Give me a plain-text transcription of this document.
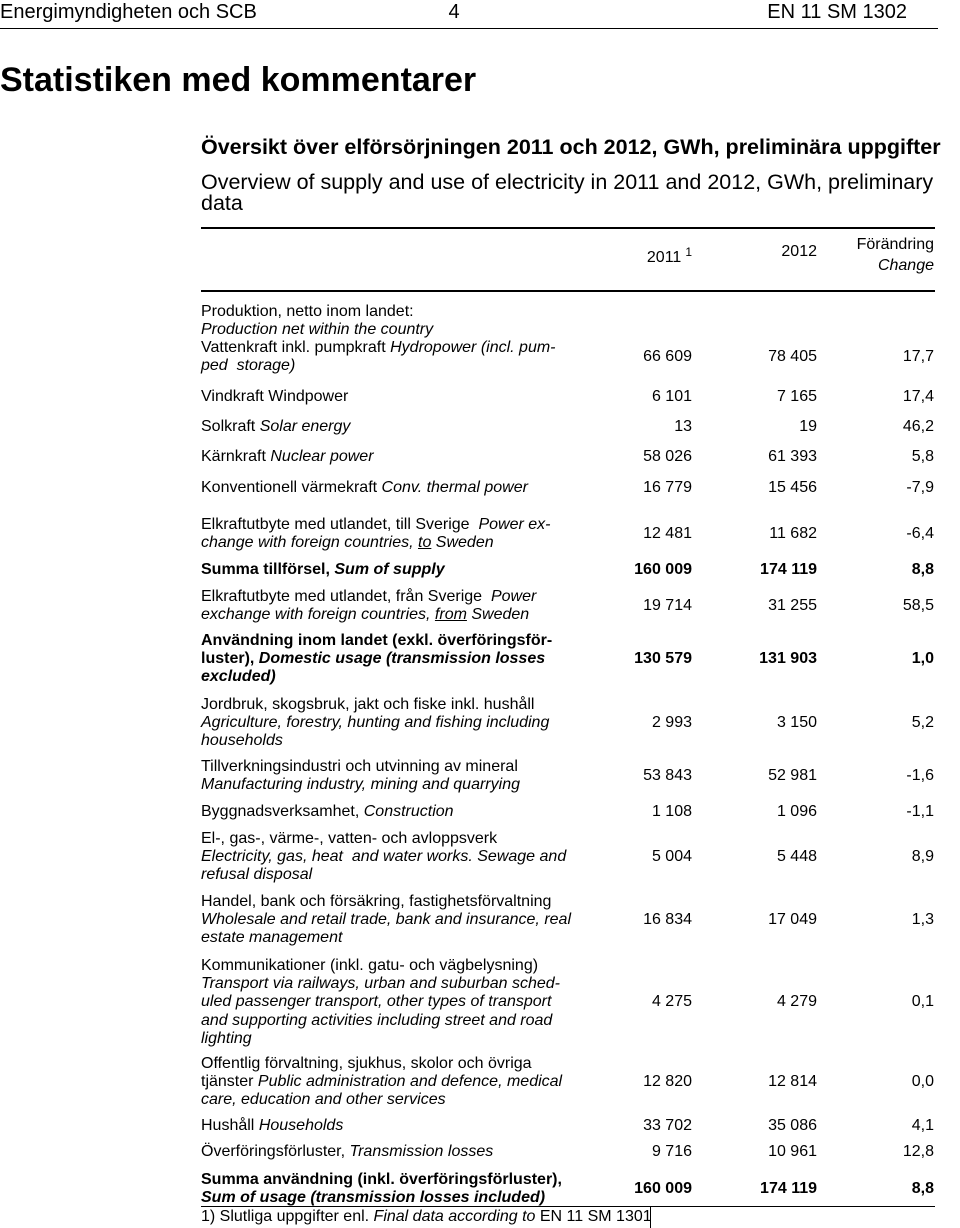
Energimyndigheten och SCB	4	EN 11 SM 1302
Statistiken med kommentarer
Översikt över elförsörjningen 2011 och 2012, GWh, preliminära uppgifter
Overview of supply and use of electricity in 2011 and 2012, GWh, preliminary
data
2011 $^1$	2012	Förändring
Change
Produktion, netto inom landet:
Production net within the country
Vattenkraft inkl. pumpkraft Hydropower (incl. pum-
ped  storage)
66 609	78 405	17,7
Vindkraft Windpower	6 101	7 165	17,4
Solkraft Solar energy	13	19	46,2
Kärnkraft Nuclear power	58 026	61 393	5,8
Konventionell värmekraft Conv. thermal power	16 779	15 456	-7,9
Elkraftutbyte med utlandet, till Sverige  Power ex-
change with foreign countries, to Sweden
12 481	11 682	-6,4
Summa tillförsel, Sum of supply	160 009	174 119	8,8
Elkraftutbyte med utlandet, från Sverige  Power
exchange with foreign countries, from Sweden
19 714	31 255	58,5
Användning inom landet (exkl. överföringsför-
luster), Domestic usage (transmission losses
excluded)
130 579	131 903	1,0
Jordbruk, skogsbruk, jakt och fiske inkl. hushåll
Agriculture, forestry, hunting and fishing including
households
2 993	3 150	5,2
Tillverkningsindustri och utvinning av mineral
Manufacturing industry, mining and quarrying
53 843	52 981	-1,6
Byggnadsverksamhet, Construction	1 108	1 096	-1,1
El-, gas-, värme-, vatten- och avloppsverk
Electricity, gas, heat  and water works. Sewage and
refusal disposal
5 004	5 448	8,9
Handel, bank och försäkring, fastighetsförvaltning
Wholesale and retail trade, bank and insurance, real
estate management
16 834	17 049	1,3
Kommunikationer (inkl. gatu- och vägbelysning)
Transport via railways, urban and suburban sched-
uled passenger transport, other types of transport
and supporting activities including street and road
lighting
4 275	4 279	0,1
Offentlig förvaltning, sjukhus, skolor och övriga
tjänster Public administration and defence, medical
care, education and other services
12 820	12 814	0,0
Hushåll Households	33 702	35 086	4,1
Överföringsförluster, Transmission losses	9 716	10 961	12,8
Summa användning (inkl. överföringsförluster),
Sum of usage (transmission losses included)
160 009	174 119	8,8
1) Slutliga uppgifter enl. Final data according to EN 11 SM 1301
